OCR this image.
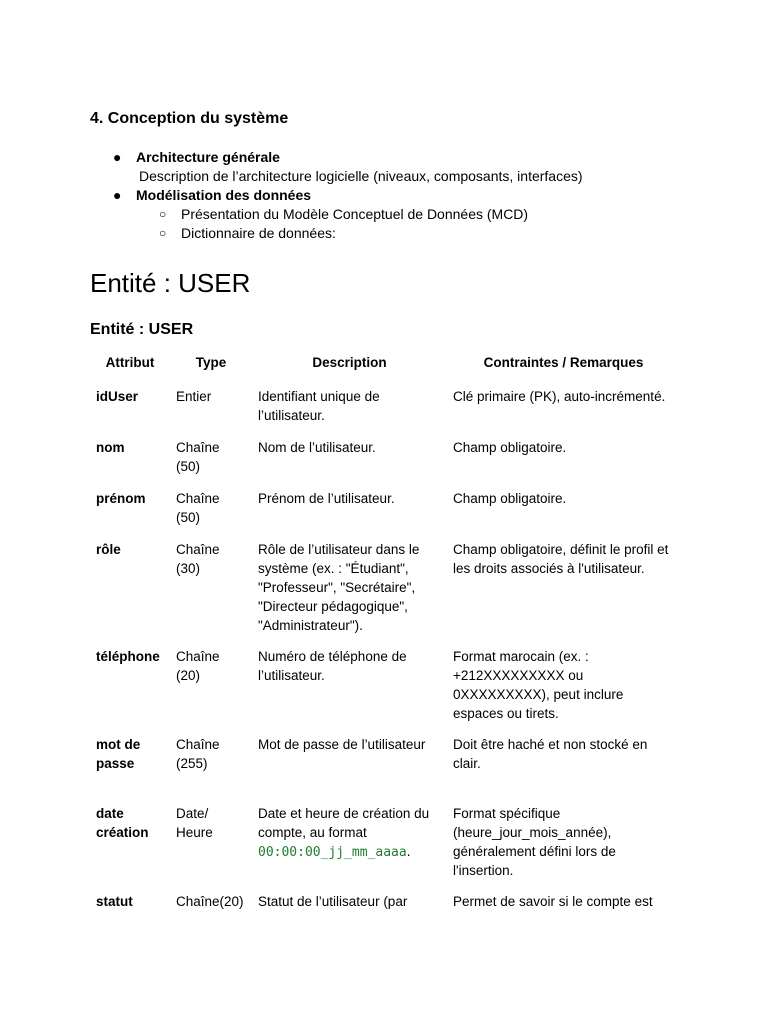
4. Conception du système
● Architecture générale
Description de l’architecture logicielle (niveaux, composants, interfaces)
● Modélisation des données
○ Présentation du Modèle Conceptuel de Données (MCD)
○ Dictionnaire de données:
Entité : USER
Entité : USER
Attribut	Type	Description	Contraintes / Remarques
idUser	Entier	Identifiant unique de l’utilisateur.	Clé primaire (PK), auto-incrémenté.
nom	Chaîne (50)	Nom de l’utilisateur.	Champ obligatoire.
prénom	Chaîne (50)	Prénom de l’utilisateur.	Champ obligatoire.
rôle	Chaîne (30)	Rôle de l’utilisateur dans le système (ex. : "Étudiant", "Professeur", "Secrétaire", "Directeur pédagogique", "Administrateur").	Champ obligatoire, définit le profil et les droits associés à l'utilisateur.
téléphone	Chaîne (20)	Numéro de téléphone de l’utilisateur.	Format marocain (ex. : +212XXXXXXXXX ou 0XXXXXXXXX), peut inclure espaces ou tirets.
mot de passe	Chaîne (255)	Mot de passe de l’utilisateur	Doit être haché et non stocké en clair.
date création	Date/ Heure	Date et heure de création du compte, au format 00:00:00_jj_mm_aaaa.	Format spécifique (heure_jour_mois_année), généralement défini lors de l'insertion.
statut	Chaîne(20)	Statut de l’utilisateur (par	Permet de savoir si le compte est
